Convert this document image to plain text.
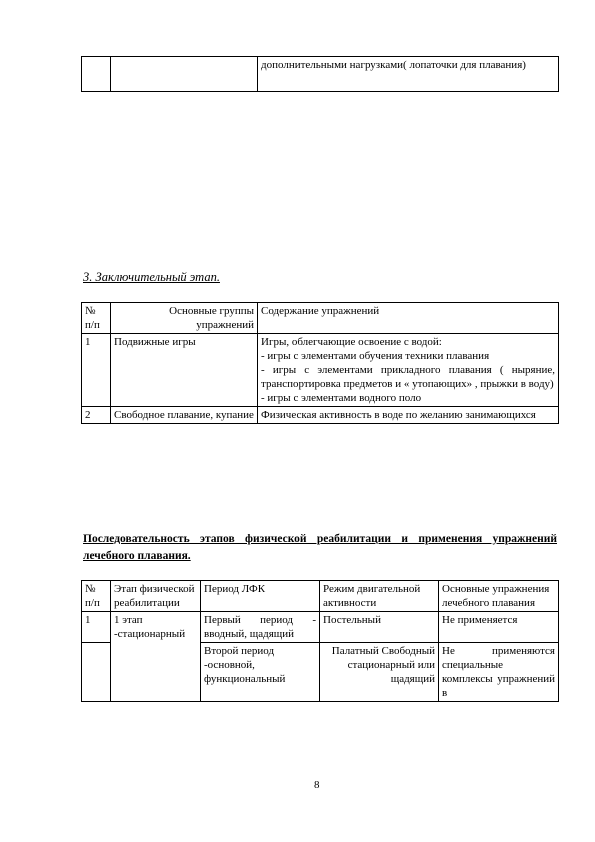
		дополнительными нагрузками( лопаточки для плавания)
3. Заключительный этап.
№ п/п	Основные группы упражнений	Содержание упражнений
1	Подвижные игры	Игры, облегчающие освоение с водой:
- игры с элементами обучения техники плавания
- игры с элементами прикладного плавания ( ныряние, транспортировка предметов и « утопающих» , прыжки в воду)
- игры с элементами водного поло

2	Свободное плавание, купание	Физическая активность в воде по желанию занимающихся
Последовательность этапов физической реабилитации и применения упражнений лечебного плавания.
№ п/п	Этап физической реабилитации	Период ЛФК	Режим двигательной активности	Основные упражнения лечебного плавания
1	1 этап -стационарный	Первый период - вводный, щадящий	Постельный	Не применяется
		Второй период -основной, функциональный	Палатный Свободный стационарный или щадящий	Не применяются специальные комплексы упражнений в
8
